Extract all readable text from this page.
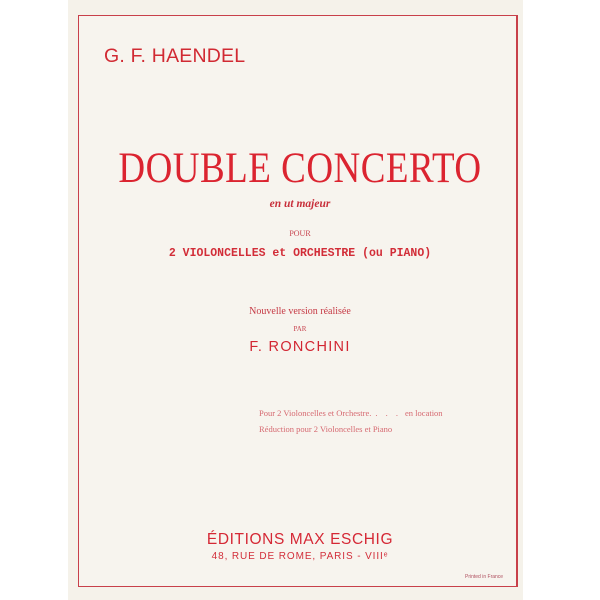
G. F. HAENDEL
DOUBLE CONCERTO
en ut majeur
POUR
2 VIOLONCELLES et ORCHESTRE (ou PIANO)
Nouvelle version réalisée
PAR
F. RONCHINI
Pour 2 Violoncelles et Orchestre. . . . en location
Réduction pour 2 Violoncelles et Piano
ÉDITIONS MAX ESCHIG
48, RUE DE ROME, PARIS - VIIIᵉ
Printed in France
